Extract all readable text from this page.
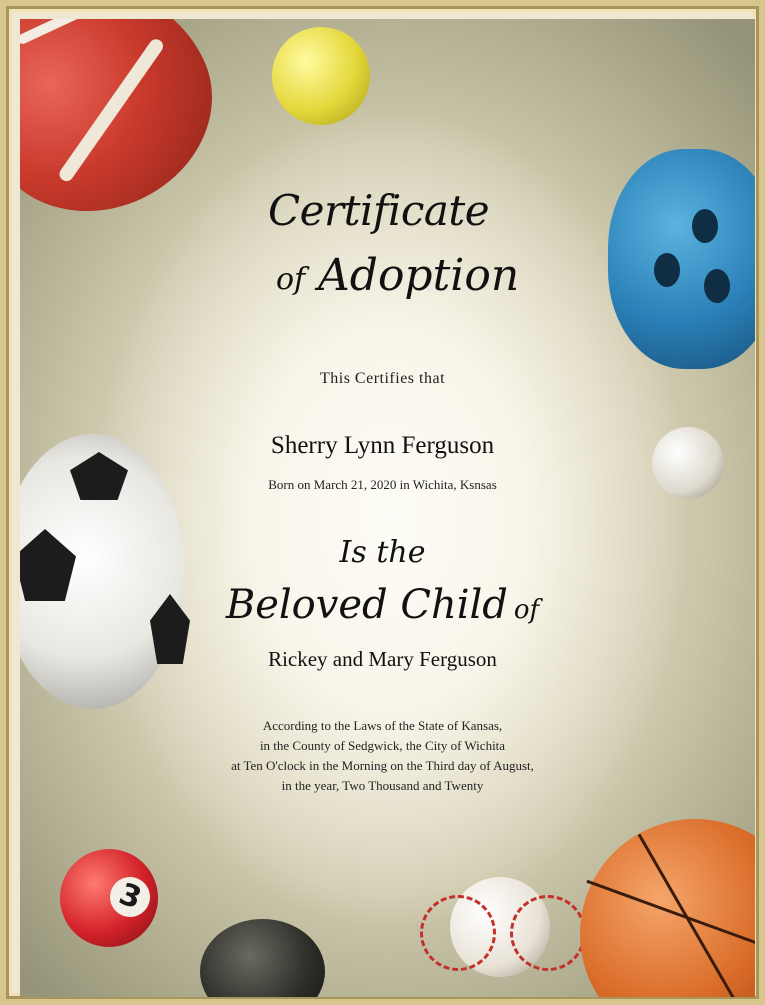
3
Certificate
of Adoption
This Certifies that
Sherry Lynn Ferguson
Born on March 21, 2020 in Wichita, Ksnsas
Is the
Beloved Child of
Rickey and Mary Ferguson
According to the Laws of the State of Kansas,
in the County of Sedgwick, the City of Wichita
at Ten O'clock in the Morning on the Third day of August,
in the year, Two Thousand and Twenty
